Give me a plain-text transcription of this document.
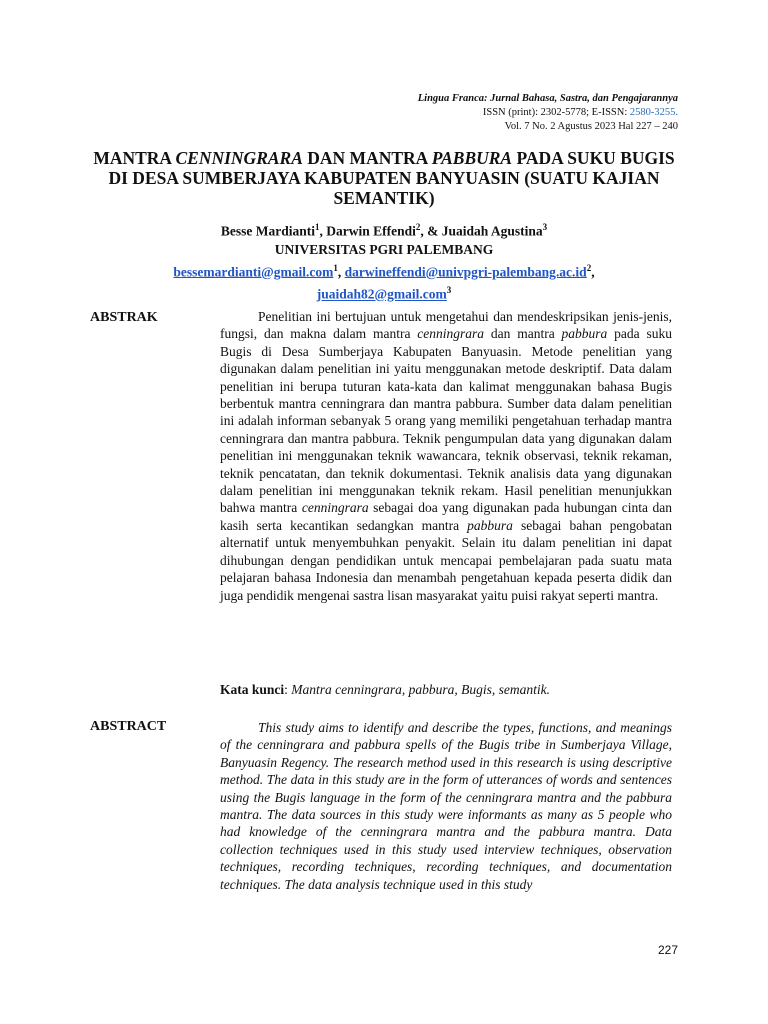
Lingua Franca: Jurnal Bahasa, Sastra, dan Pengajarannya
ISSN (print): 2302-5778; E-ISSN: 2580-3255.
Vol. 7 No. 2 Agustus 2023 Hal 227 – 240
MANTRA CENNINGRARA DAN MANTRA PABBURA PADA SUKU BUGIS DI DESA SUMBERJAYA KABUPATEN BANYUASIN (SUATU KAJIAN SEMANTIK)
Besse Mardianti$^1$, Darwin Effendi$^2$, & Juaidah Agustina$^3$
UNIVERSITAS PGRI PALEMBANG
bessemardianti@gmail.com$^1$, $darwineffendi@univpgri-palembang.ac.id^2$,
juaidah82@gmail.com$^3$
ABSTRAK	Penelitian ini bertujuan untuk mengetahui dan mendeskripsikan jenis-jenis, fungsi, dan makna dalam mantra cenningrara dan mantra pabbura pada suku Bugis di Desa Sumberjaya Kabupaten Banyuasin. Metode penelitian yang digunakan dalam penelitian ini yaitu menggunakan metode deskriptif. Data dalam penelitian ini berupa tuturan kata-kata dan kalimat menggunakan bahasa Bugis berbentuk mantra cenningrara dan mantra pabbura. Sumber data dalam penelitian ini adalah informan sebanyak 5 orang yang memiliki pengetahuan terhadap mantra cenningrara dan mantra pabbura. Teknik pengumpulan data yang digunakan dalam penelitian ini menggunakan teknik wawancara, teknik observasi, teknik rekaman, teknik pencatatan, dan teknik dokumentasi. Teknik analisis data yang digunakan dalam penelitian ini menggunakan teknik rekam. Hasil penelitian menunjukkan bahwa mantra cenningrara sebagai doa yang digunakan pada hubungan cinta dan kasih serta kecantikan sedangkan mantra pabbura sebagai bahan pengobatan alternatif untuk menyembuhkan penyakit. Selain itu dalam penelitian ini dapat dihubungan dengan pendidikan untuk mencapai pembelajaran pada suatu mata pelajaran bahasa Indonesia dan menambah pengetahuan kepada peserta didik dan juga pendidik mengenai sastra lisan masyarakat yaitu puisi rakyat seperti mantra.

Kata kunci: Mantra cenningrara, pabbura, Bugis, semantik.
ABSTRACT	This study aims to identify and describe the types, functions, and meanings of the cenningrara and pabbura spells of the Bugis tribe in Sumberjaya Village, Banyuasin Regency. The research method used in this research is using descriptive method. The data in this study are in the form of utterances of words and sentences using the Bugis language in the form of the cenningrara mantra and the pabbura mantra. The data sources in this study were informants as many as 5 people who had knowledge of the cenningrara mantra and the pabbura mantra. Data collection techniques used in this study used interview techniques, observation techniques, recording techniques, recording techniques, and documentation techniques. The data analysis technique used in this study

227
